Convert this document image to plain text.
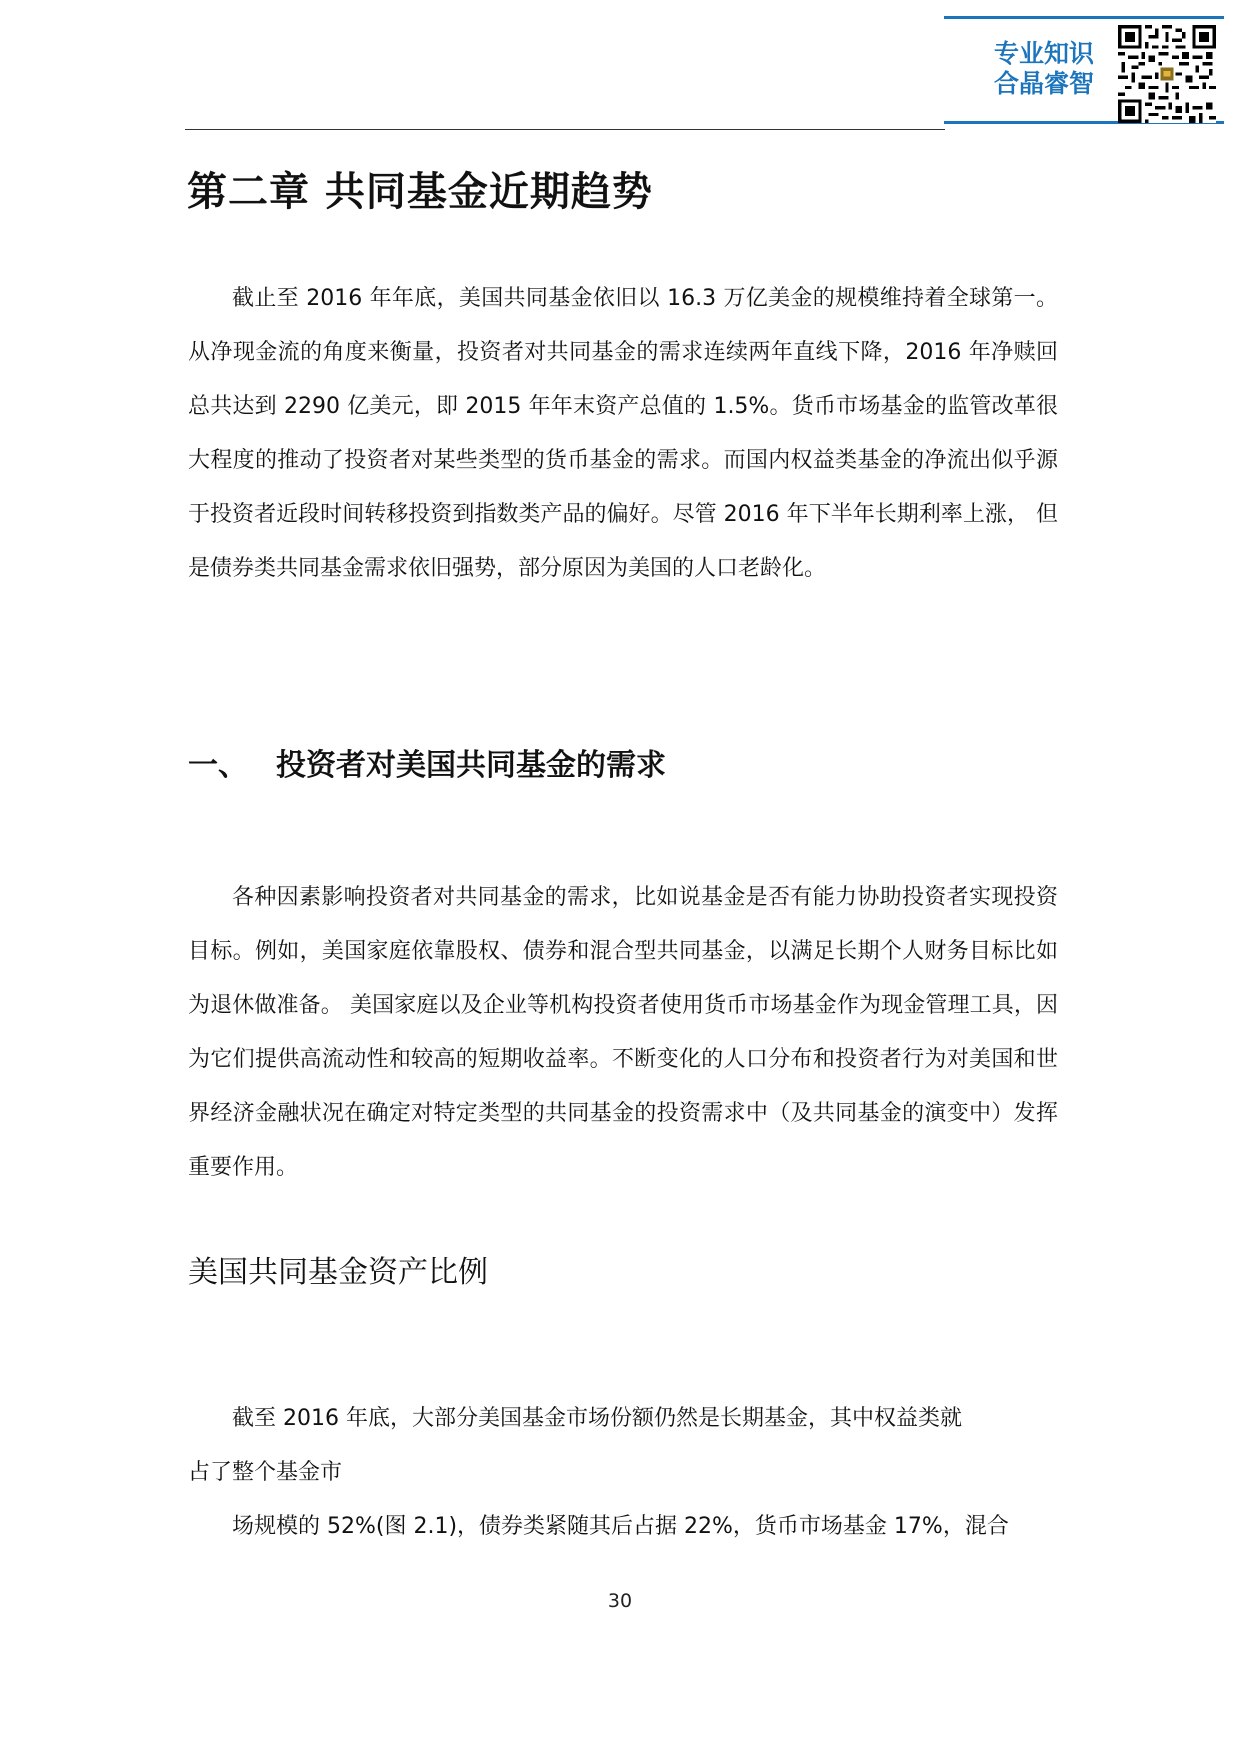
专业知识
合晶睿智
第二章 共同基金近期趋势

截止至 2016 年年底，美国共同基金依旧以 16.3 万亿美金的规模维持着全球第一。从净现金流的角度来衡量，投资者对共同基金的需求连续两年直线下降，2016 年净赎回总共达到 2290 亿美元，即 2015 年年末资产总值的 1.5%。货币市场基金的监管改革很大程度的推动了投资者对某些类型的货币基金的需求。而国内权益类基金的净流出似乎源于投资者近段时间转移投资到指数类产品的偏好。尽管 2016 年下半年长期利率上涨， 但是债券类共同基金需求依旧强势，部分原因为美国的人口老龄化。

一、 投资者对美国共同基金的需求

各种因素影响投资者对共同基金的需求，比如说基金是否有能力协助投资者实现投资目标。例如，美国家庭依靠股权、债券和混合型共同基金，以满足长期个人财务目标比如为退休做准备。 美国家庭以及企业等机构投资者使用货币市场基金作为现金管理工具，因为它们提供高流动性和较高的短期收益率。不断变化的人口分布和投资者行为对美国和世界经济金融状况在确定对特定类型的共同基金的投资需求中（及共同基金的演变中）发挥重要作用。

美国共同基金资产比例

截至 2016 年底，大部分美国基金市场份额仍然是长期基金，其中权益类就
占了整个基金市
场规模的 52%(图 2.1)，债券类紧随其后占据 22%，货币市场基金 17%，混合

30
